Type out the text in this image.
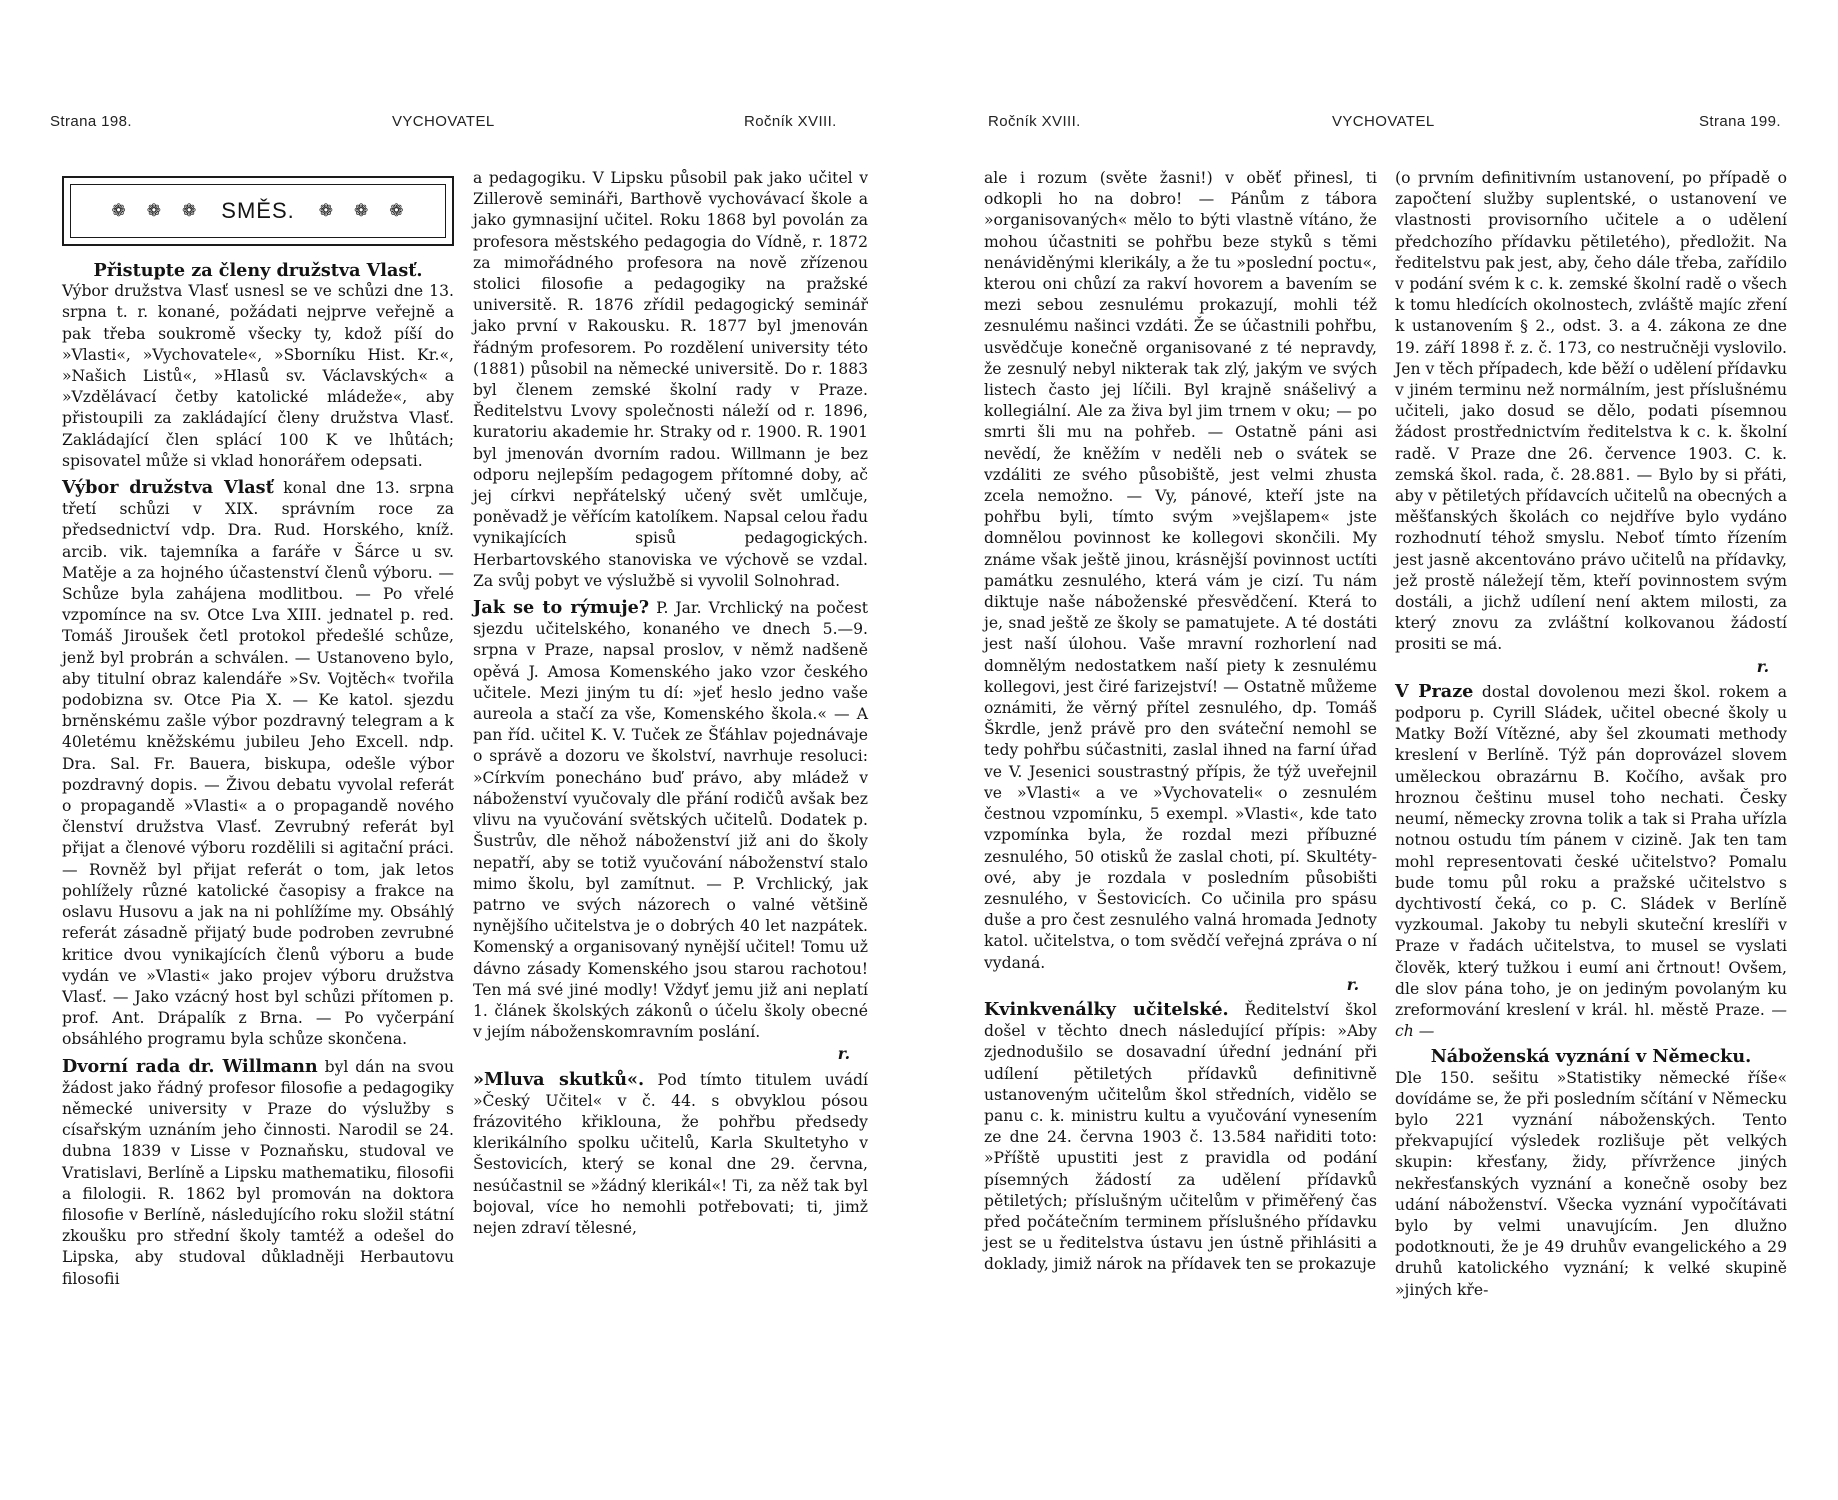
Strana 198.	VYCHOVATEL	Ročník XVIII.
❁ ❁ ❁ SMĚS. ❁ ❁ ❁

Přistupte za členy družstva Vlasť.

Výbor družstva Vlasť usnesl se ve schůzi dne 13. srpna t. r. konané, požádati nejprve veřejně a pak třeba soukromě všecky ty, kdož píší do »Vlasti«, »Vychovatele«, »Sborníku Hist. Kr.«, »Našich Listů«, »Hlasů sv. Václavských« a »Vzdělávací četby katolické mládeže«, aby přistoupili za zakládající členy družstva Vlasť. Zakládající člen splácí 100 K ve lhůtách; spisovatel může si vklad honorářem odepsati.

Výbor družstva Vlasť konal dne 13. srpna třetí schůzi v XIX. správním roce za předsednictví vdp. Dra. Rud. Horského, kníž. arcib. vik. tajemníka a faráře v Šárce u sv. Matěje a za hojného účastenství členů výboru. — Schůze byla zahájena modlitbou. — Po vřelé vzpomínce na sv. Otce Lva XIII. jednatel p. red. Tomáš Jiroušek četl protokol předešlé schůze, jenž byl probrán a schválen. — Ustanoveno bylo, aby titulní obraz kalendáře »Sv. Vojtěch« tvořila podobizna sv. Otce Pia X. — Ke katol. sjezdu brněnskému zašle výbor pozdravný telegram a k 40letému kněžskému jubileu Jeho Excell. ndp. Dra. Sal. Fr. Bauera, biskupa, odešle výbor pozdravný dopis. — Živou debatu vyvolal referát o propagandě »Vlasti« a o propagandě nového členství družstva Vlasť. Zevrubný referát byl přijat a členové výboru rozdělili si agitační práci. — Rovněž byl přijat referát o tom, jak letos pohlížely různé katolické časopisy a frakce na oslavu Husovu a jak na ni pohlížíme my. Obsáhlý referát zásadně přijatý bude podroben zevrubné kritice dvou vynikajících členů výboru a bude vydán ve »Vlasti« jako projev výboru družstva Vlasť. — Jako vzácný host byl schůzi přítomen p. prof. Ant. Drápalík z Brna. — Po vyčerpání obsáhlého programu byla schůze skončena.

Dvorní rada dr. Willmann byl dán na svou žádost jako řádný profesor filosofie a pedagogiky německé university v Praze do výslužby s císařským uznáním jeho činnosti. Narodil se 24. dubna 1839 v Lisse v Poznaňsku, studoval ve Vratislavi, Berlíně a Lipsku mathematiku, filosofii a filologii. R. 1862 byl promován na doktora filosofie v Berlíně, následujícího roku složil státní zkoušku pro střední školy tamtéž a odešel do Lipska, aby studoval důkladněji Herbautovu filosofii

a pedagogiku. V Lipsku působil pak jako učitel v Zillerově semináři, Barthově vychovávací škole a jako gymnasijní učitel. Roku 1868 byl povolán za profesora městského pedagogia do Vídně, r. 1872 za mimořádného profesora na nově zřízenou stolici filosofie a pedagogiky na pražské universitě. R. 1876 zřídil pedagogický seminář jako první v Rakousku. R. 1877 byl jmenován řádným profesorem. Po rozdělení university této (1881) působil na německé universitě. Do r. 1883 byl členem zemské školní rady v Praze. Ředitelstvu Lvovy společnosti náleží od r. 1896, kuratoriu akademie hr. Straky od r. 1900. R. 1901 byl jmenován dvorním radou. Willmann je bez odporu nejlepším pedagogem přítomné doby, ač jej církvi nepřátelský učený svět umlčuje, poněvadž je věřícím katolíkem. Napsal celou řadu vynikajících spisů pedagogických. Herbartovského stanoviska ve výchově se vzdal. Za svůj pobyt ve výslužbě si vyvolil Solnohrad.

Jak se to rýmuje? P. Jar. Vrchlický na počest sjezdu učitelského, konaného ve dnech 5.—9. srpna v Praze, napsal proslov, v němž nadšeně opěvá J. Amosa Komenského jako vzor českého učitele. Mezi jiným tu dí: »jeť heslo jedno vaše aureola a stačí za vše, Komenského škola.« — A pan říd. učitel K. V. Tuček ze Šťáhlav pojednávaje o správě a dozoru ve školství, navrhuje resoluci: »Církvím ponecháno buď právo, aby mládež v náboženství vyučovaly dle přání rodičů avšak bez vlivu na vyučování světských učitelů. Dodatek p. Šustrův, dle něhož náboženství již ani do školy nepatří, aby se totiž vyučování náboženství stalo mimo školu, byl zamítnut. — P. Vrchlický, jak patrno ve svých názorech o valné většině nynějšího učitelstva je o dobrých 40 let nazpátek. Komenský a organisovaný nynější učitel! Tomu už dávno zásady Komenského jsou starou rachotou! Ten má své jiné modly! Vždyť jemu již ani neplatí 1. článek školských zákonů o účelu školy obecné v jejím náboženskomravním poslání.

r.

»Mluva skutků«. Pod tímto titulem uvádí »Český Učitel« v č. 44. s obvyklou pósou frázovitého křiklouna, že pohřbu předsedy klerikálního spolku učitelů, Karla Skultetyho v Šestovicích, který se konal dne 29. června, nesúčastnil se »žádný klerikál«! Ti, za něž tak byl bojoval, více ho nemohli potřebovati; ti, jimž nejen zdraví tělesné,

Ročník XVIII.	VYCHOVATEL	Strana 199.

ale i rozum (světe žasni!) v oběť přinesl, ti odkopli ho na dobro! — Pánům z tábora »organisovaných« mělo to býti vlastně vítáno, že mohou účastniti se pohřbu beze styků s těmi nenáviděnými klerikály, a že tu »poslední poctu«, kterou oni chůzí za rakví hovorem a bavením se mezi sebou zesnulému prokazují, mohli též zesnulému našinci vzdáti. Že se účastnili pohřbu, usvědčuje konečně organisované z té nepravdy, že zesnulý nebyl nikterak tak zlý, jakým ve svých listech často jej líčili. Byl krajně snášelivý a kollegiální. Ale za živa byl jim trnem v oku; — po smrti šli mu na pohřeb. — Ostatně páni asi nevědí, že kněžím v neděli neb o svátek se vzdáliti ze svého působiště, jest velmi zhusta zcela nemožno. — Vy, pánové, kteří jste na pohřbu byli, tímto svým »vejšlapem« jste domnělou povinnost ke kollegovi skončili. My známe však ještě jinou, krásnější povinnost uctíti památku zesnulého, která vám je cizí. Tu nám diktuje naše náboženské přesvědčení. Která to je, snad ještě ze školy se pamatujete. A té dostáti jest naší úlohou. Vaše mravní rozhorlení nad domnělým nedostatkem naší piety k zesnulému kollegovi, jest čiré farizejství! — Ostatně můžeme oznámiti, že věrný přítel zesnulého, dp. Tomáš Škrdle, jenž právě pro den sváteční nemohl se tedy pohřbu súčastniti, zaslal ihned na farní úřad ve V. Jesenici soustrastný přípis, že týž uveřejnil ve »Vlasti« a ve »Vychovateli« o zesnulém čestnou vzpomínku, 5 exempl. »Vlasti«, kde tato vzpomínka byla, že rozdal mezi příbuzné zesnulého, 50 otisků že zaslal choti, pí. Skultéty-ové, aby je rozdala v posledním působišti zesnulého, v Šestovicích. Co učinila pro spásu duše a pro čest zesnulého valná hromada Jednoty katol. učitelstva, o tom svědčí veřejná zpráva o ní vydaná.

r.

Kvinkvenálky učitelské. Ředitelství škol došel v těchto dnech následující přípis: »Aby zjednodušilo se dosavadní úřední jednání při udílení pětiletých přídavků definitivně ustanoveným učitelům škol středních, vidělo se panu c. k. ministru kultu a vyučování vynesením ze dne 24. června 1903 č. 13.584 nařiditi toto: »Příště upustiti jest z pravidla od podání písemných žádostí za udělení přídavků pětiletých; příslušným učitelům v přiměřený čas před počátečním terminem příslušného přídavku jest se u ředitelstva ústavu jen ústně přihlásiti a doklady, jimiž nárok na přídavek ten se prokazuje

(o prvním definitivním ustanovení, po případě o započtení služby suplentské, o ustanovení ve vlastnosti provisorního učitele a o udělení předchozího přídavku pětiletého), předložit. Na ředitelstvu pak jest, aby, čeho dále třeba, zařídilo v podání svém k c. k. zemské školní radě o všech k tomu hledících okolnostech, zvláště majíc zření k ustanovením § 2., odst. 3. a 4. zákona ze dne 19. září 1898 ř. z. č. 173, co nestručněji vyslovilo. Jen v těch případech, kde běží o udělení přídavku v jiném terminu než normálním, jest příslušnému učiteli, jako dosud se dělo, podati písemnou žádost prostřednictvím ředitelstva k c. k. školní radě. V Praze dne 26. července 1903. C. k. zemská škol. rada, č. 28.881. — Bylo by si přáti, aby v pětiletých přídavcích učitelů na obecných a měšťanských školách co nejdříve bylo vydáno rozhodnutí téhož smyslu. Neboť tímto řízením jest jasně akcentováno právo učitelů na přídavky, jež prostě náležejí těm, kteří povinnostem svým dostáli, a jichž udílení není aktem milosti, za který znovu za zvláštní kolkovanou žádostí prositi se má.

r.

V Praze dostal dovolenou mezi škol. rokem a podporu p. Cyrill Sládek, učitel obecné školy u Matky Boží Vítězné, aby šel zkoumati methody kreslení v Berlíně. Týž pán doprovázel slovem uměleckou obrazárnu B. Kočího, avšak pro hroznou češtinu musel toho nechati. Česky neumí, německy zrovna tolik a tak si Praha uřízla notnou ostudu tím pánem v cizině. Jak ten tam mohl representovati české učitelstvo? Pomalu bude tomu půl roku a pražské učitelstvo s dychtivostí čeká, co p. C. Sládek v Berlíně vyzkoumal. Jakoby tu nebyli skuteční kreslíři v Praze v řadách učitelstva, to musel se vyslati člověk, který tužkou i eumí ani črtnout! Ovšem, dle slov pána toho, je on jediným povolaným ku zreformování kreslení v král. hl. městě Praze. — ch —

Náboženská vyznání v Německu.

Dle 150. sešitu »Statistiky německé říše« dovídáme se, že při posledním sčítání v Německu bylo 221 vyznání náboženských. Tento překvapující výsledek rozlišuje pět velkých skupin: křesťany, židy, přívržence jiných nekřesťanských vyznání a konečně osoby bez udání náboženství. Všecka vyznání vypočítávati bylo by velmi unavujícím. Jen dlužno podotknouti, že je 49 druhův evangelického a 29 druhů katolického vyznání; k velké skupině »jiných kře-
